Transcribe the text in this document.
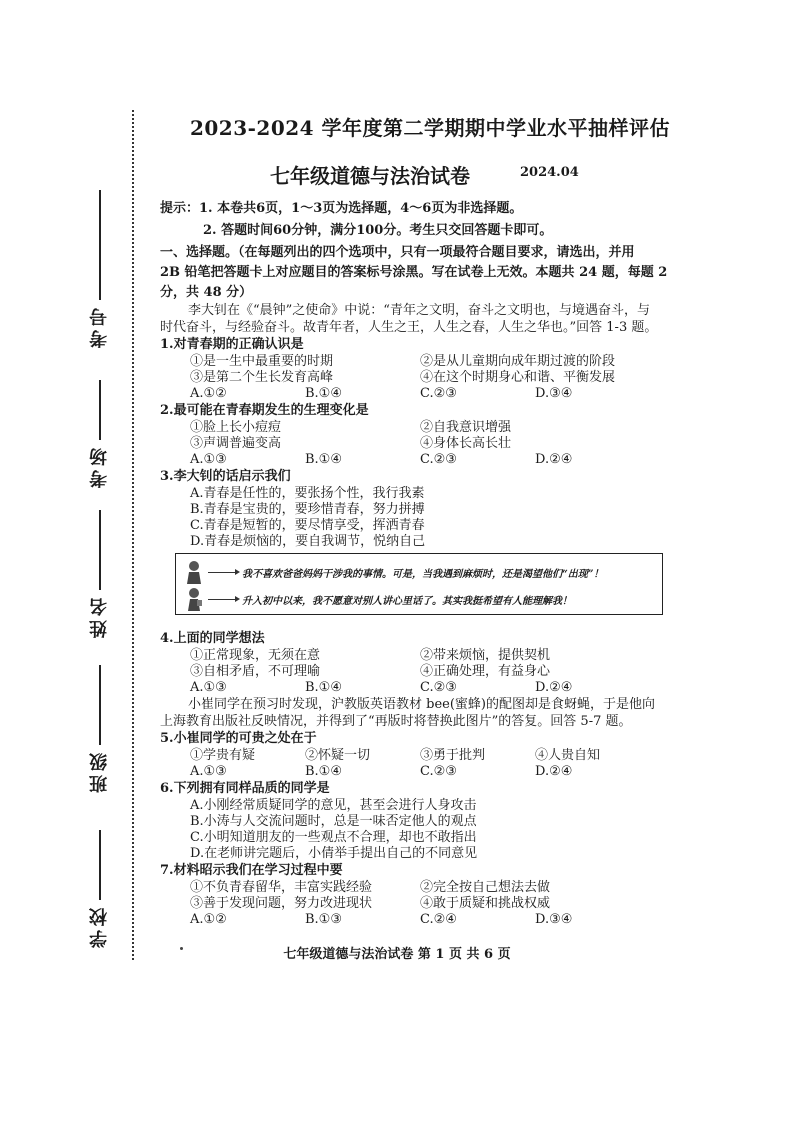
考号
考场
姓名
班级
学校
2023-2024 学年度第二学期期中学业水平抽样评估
七年级道德与法治试卷	2024.04
提示：1. 本卷共6页，1～3页为选择题，4～6页为非选择题。
2. 答题时间60分钟，满分100分。考生只交回答题卡即可。
一、选择题。（在每题列出的四个选项中，只有一项最符合题目要求，请选出，并用
2B 铅笔把答题卡上对应题目的答案标号涂黑。写在试卷上无效。本题共 24 题，每题 2
分，共 48 分）
李大钊在《“晨钟”之使命》中说：“青年之文明，奋斗之文明也，与境遇奋斗，与
时代奋斗，与经验奋斗。故青年者，人生之王，人生之春，人生之华也。”回答 1-3 题。
1.对青春期的正确认识是
①是一生中最重要的时期	②是从儿童期向成年期过渡的阶段
③是第二个生长发育高峰	④在这个时期身心和谐、平衡发展
A.①②	B.①④	C.②③	D.③④
2.最可能在青春期发生的生理变化是
①脸上长小痘痘	②自我意识增强
③声调普遍变高	④身体长高长壮
A.①③	B.①④	C.②③	D.②④
3.李大钊的话启示我们
A.青春是任性的，要张扬个性，我行我素
B.青春是宝贵的，要珍惜青春，努力拼搏
C.青春是短暂的，要尽情享受，挥洒青春
D.青春是烦恼的，要自我调节，悦纳自己
我不喜欢爸爸妈妈干涉我的事情。可是，当我遇到麻烦时，还是渴望他们“出现”！
升入初中以来，我不愿意对别人讲心里话了。其实我挺希望有人能理解我！
4.上面的同学想法
①正常现象，无须在意	②带来烦恼，提供契机
③自相矛盾，不可理喻	④正确处理，有益身心
A.①③	B.①④	C.②③	D.②④
小崔同学在预习时发现，沪教版英语教材 bee(蜜蜂)的配图却是食蚜蝇，于是他向
上海教育出版社反映情况，并得到了“再版时将替换此图片”的答复。回答 5-7 题。
5.小崔同学的可贵之处在于
①学贵有疑	②怀疑一切	③勇于批判	④人贵自知
A.①③	B.①④	C.②③	D.②④
6.下列拥有同样品质的同学是
A.小刚经常质疑同学的意见，甚至会进行人身攻击
B.小涛与人交流问题时，总是一味否定他人的观点
C.小明知道朋友的一些观点不合理，却也不敢指出
D.在老师讲完题后，小倩举手提出自己的不同意见
7.材料昭示我们在学习过程中要
①不负青春留华，丰富实践经验	②完全按自己想法去做
③善于发现问题，努力改进现状	④敢于质疑和挑战权威
A.①②	B.①③	C.②④	D.③④
七年级道德与法治试卷 第 1 页 共 6 页
